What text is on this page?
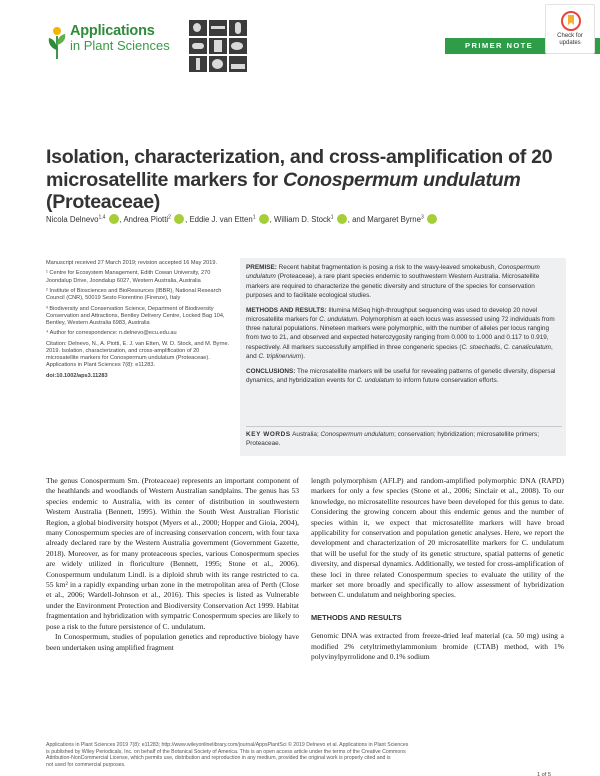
Applications
in Plant Sciences	PRIMER NOTE
Check for
updates
Isolation, characterization, and cross-amplification of 20 microsatellite markers for Conospermum undulatum (Proteaceae)
Nicola Delnevo$^{1,4}$ , Andrea Piotti$^2$ , Eddie J. van Etten$^1$ , William D. Stock$^1$ , and Margaret Byrne$^3$

Manuscript received 27 March 2019; revision accepted 16 May 2019.

¹ Centre for Ecosystem Management, Edith Cowan University, 270 Joondalup Drive, Joondalup 6027, Western Australia, Australia

² Institute of Biosciences and BioResources (IBBR), National Research Council (CNR), 50019 Sesto Fiorentino (Firenze), Italy

³ Biodiversity and Conservation Science, Department of Biodiversity Conservation and Attractions, Bentley Delivery Centre, Locked Bag 104, Bentley, Western Australia 6983, Australia

⁴ Author for correspondence: n.delnevo@ecu.edu.au

Citation: Delnevo, N., A. Piotti, E. J. van Etten, W. D. Stock, and M. Byrne. 2019. Isolation, characterization, and cross-amplification of 20 microsatellite markers for Conospermum undulatum (Proteaceae). Applications in Plant Sciences 7(8): e11283.

doi:10.1002/aps3.11283

PREMISE: Recent habitat fragmentation is posing a risk to the wavy-leaved smokebush, Conospermum undulatum (Proteaceae), a rare plant species endemic to southwestern Western Australia. Microsatellite markers are required to characterize the genetic diversity and structure of the species for conservation purposes and to facilitate ecological studies.

METHODS AND RESULTS: Illumina MiSeq high-throughput sequencing was used to develop 20 novel microsatellite markers for C. undulatum. Polymorphism at each locus was assessed using 72 individuals from three natural populations. Nineteen markers were polymorphic, with the number of alleles per locus ranging from two to 21, and observed and expected heterozygosity ranging from 0.000 to 1.000 and 0.117 to 0.919, respectively. All markers successfully amplified in three congeneric species (C. stoechadis, C. canaliculatum, and C. triplinervium).

CONCLUSIONS: The microsatellite markers will be useful for revealing patterns of genetic diversity, dispersal dynamics, and hybridization events for C. undulatum to inform future conservation efforts.

KEY WORDS Australia; Conospermum undulatum; conservation; hybridization; microsatellite primers; Proteaceae.

The genus Conospermum Sm. (Proteaceae) represents an important component of the heathlands and woodlands of Western Australian sandplains. The genus has 53 species endemic to Australia, with its center of distribution in southwestern Western Australia (Bennett, 1995). Within the South West Australian Floristic Region, a global biodiversity hotspot (Myers et al., 2000; Hopper and Gioia, 2004), many Conospermum species are of increasing conservation concern, with four taxa already declared rare by the Western Australia government (Government Gazette, 2018). Moreover, as for many proteaceous species, various Conospermum species are widely utilized in floriculture (Bennett, 1995; Stone et al., 2006). Conospermum undulatum Lindl. is a diploid shrub with its range restricted to ca. 55 km² in a rapidly expanding urban zone in the metropolitan area of Perth (Close et al., 2006; Wardell-Johnson et al., 2016). This species is listed as Vulnerable under the Environment Protection and Biodiversity Conservation Act 1999. Habitat fragmentation and hybridization with sympatric Conospermum species are likely to pose a risk to the future persistence of C. undulatum.

In Conospermum, studies of population genetics and reproductive biology have been undertaken using amplified fragment

length polymorphism (AFLP) and random-amplified polymorphic DNA (RAPD) markers for only a few species (Stone et al., 2006; Sinclair et al., 2008). To our knowledge, no microsatellite resources have been developed for this genus to date. Considering the growing concern about this endemic genus and the number of species within it, we expect that microsatellite markers will have broad applicability for conservation and population genetic analyses. Here, we report the development and characterization of 20 microsatellite markers for C. undulatum that will be useful for the study of its genetic structure, spatial patterns of genetic diversity, and dispersal dynamics. Additionally, we tested for cross-amplification of these loci in three related Conospermum species to evaluate the utility of the marker set more broadly and specifically to allow assessment of hybridization between C. undulatum and neighboring species.

METHODS AND RESULTS

Genomic DNA was extracted from freeze-dried leaf material (ca. 50 mg) using a modified 2% cetyltrimethylammonium bromide (CTAB) method, with 1% polyvinylpyrrolidone and 0.1% sodium

Applications in Plant Sciences 2019 7(8): e11283; http://www.wileyonlinelibrary.com/journal/AppsPlantSci © 2019 Delnevo et al. Applications in Plant Sciences
is published by Wiley Periodicals, Inc. on behalf of the Botanical Society of America. This is an open access article under the terms of the Creative Commons
Attribution-NonCommercial License, which permits use, distribution and reproduction in any medium, provided the original work is properly cited and is
not used for commercial purposes.
1 of 5
